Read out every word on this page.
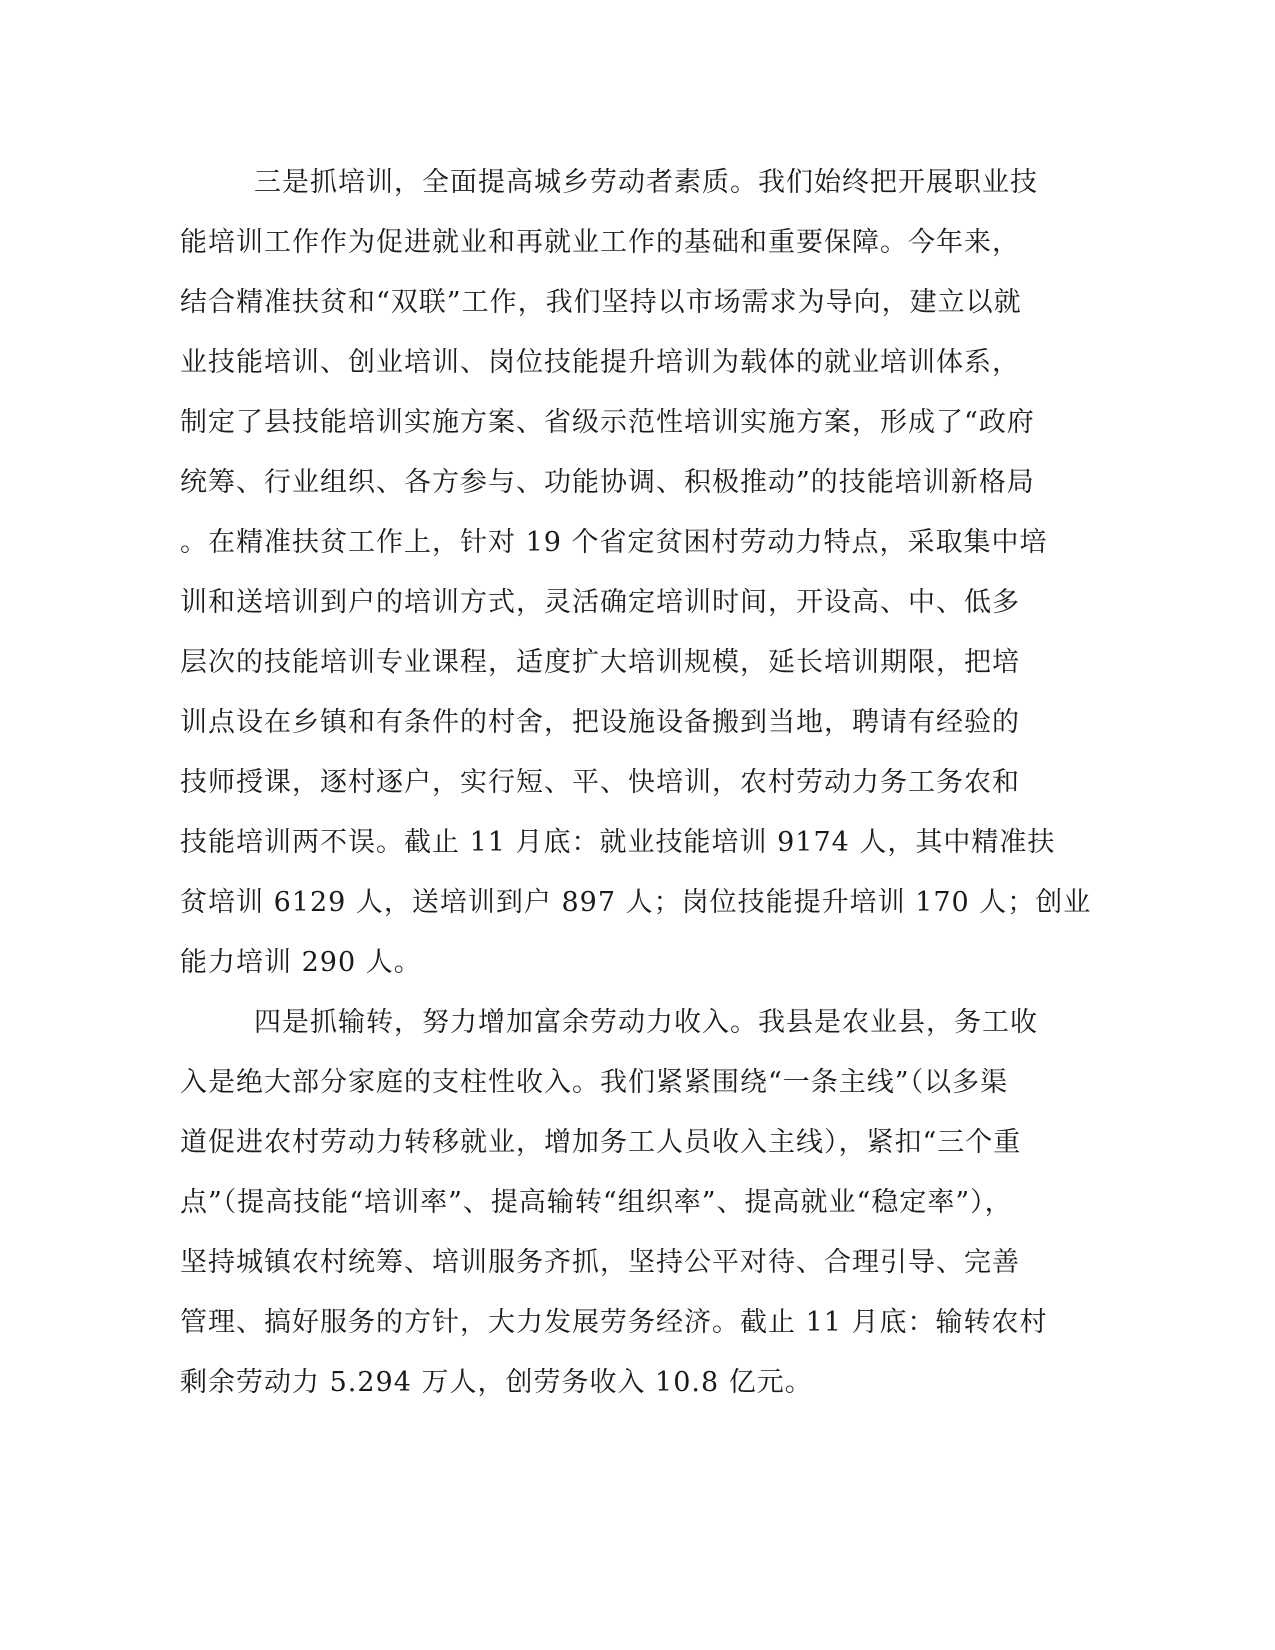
三是抓培训，全面提高城乡劳动者素质。我们始终把开展职业技
能培训工作作为促进就业和再就业工作的基础和重要保障。今年来，
结合精准扶贫和“双联”工作，我们坚持以市场需求为导向，建立以就
业技能培训、创业培训、岗位技能提升培训为载体的就业培训体系，
制定了县技能培训实施方案、省级示范性培训实施方案，形成了“政府
统筹、行业组织、各方参与、功能协调、积极推动”的技能培训新格局
。在精准扶贫工作上，针对 19 个省定贫困村劳动力特点，采取集中培
训和送培训到户的培训方式，灵活确定培训时间，开设高、中、低多
层次的技能培训专业课程，适度扩大培训规模，延长培训期限，把培
训点设在乡镇和有条件的村舍，把设施设备搬到当地，聘请有经验的
技师授课，逐村逐户，实行短、平、快培训，农村劳动力务工务农和
技能培训两不误。截止 11 月底：就业技能培训 9174 人，其中精准扶
贫培训 6129 人，送培训到户 897 人；岗位技能提升培训 170 人；创业
能力培训 290 人。
四是抓输转，努力增加富余劳动力收入。我县是农业县，务工收
入是绝大部分家庭的支柱性收入。我们紧紧围绕“一条主线”（以多渠
道促进农村劳动力转移就业，增加务工人员收入主线），紧扣“三个重
点”（提高技能“培训率”、提高输转“组织率”、提高就业“稳定率”），
坚持城镇农村统筹、培训服务齐抓，坚持公平对待、合理引导、完善
管理、搞好服务的方针，大力发展劳务经济。截止 11 月底：输转农村
剩余劳动力 5.294 万人，创劳务收入 10.8 亿元。
